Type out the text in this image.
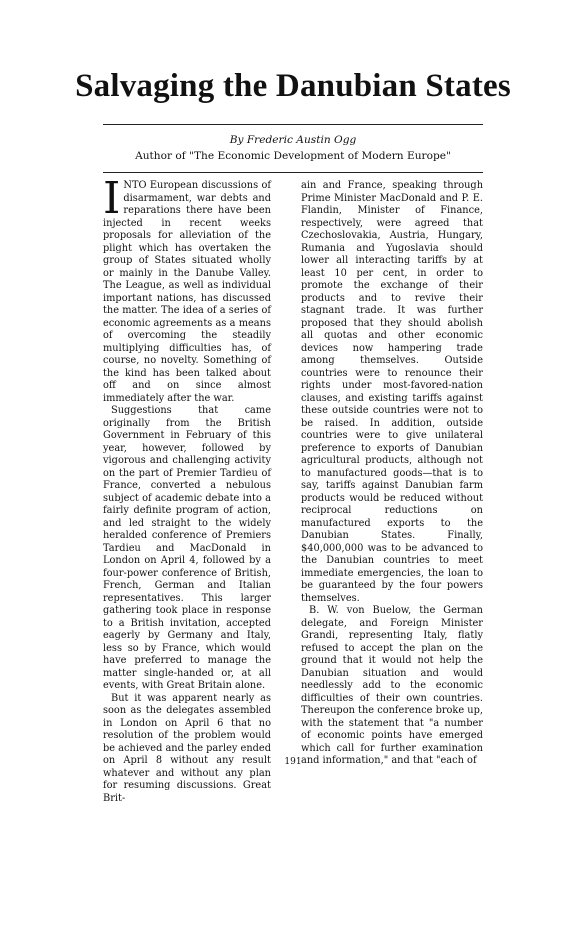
Salvaging the Danubian States
By Frederic Austin Ogg
Author of "The Economic Development of Modern Europe"

INTO European discussions of disarmament, war debts and reparations there have been injected in recent weeks proposals for alleviation of the plight which has overtaken the group of States situated wholly or mainly in the Danube Valley. The League, as well as individual important nations, has discussed the matter. The idea of a series of economic agreements as a means of overcoming the steadily multiplying difficulties has, of course, no novelty. Something of the kind has been talked about off and on since almost immediately after the war.

Suggestions that came originally from the British Government in February of this year, however, followed by vigorous and challenging activity on the part of Premier Tardieu of France, converted a nebulous subject of academic debate into a fairly definite program of action, and led straight to the widely heralded conference of Premiers Tardieu and MacDonald in London on April 4, followed by a four-power conference of British, French, German and Italian representatives. This larger gathering took place in response to a British invitation, accepted eagerly by Germany and Italy, less so by France, which would have preferred to manage the matter single-handed or, at all events, with Great Britain alone.

But it was apparent nearly as soon as the delegates assembled in London on April 6 that no resolution of the problem would be achieved and the parley ended on April 8 without any result whatever and without any plan for resuming discussions. Great Brit-

ain and France, speaking through Prime Minister MacDonald and P. E. Flandin, Minister of Finance, respectively, were agreed that Czechoslovakia, Austria, Hungary, Rumania and Yugoslavia should lower all interacting tariffs by at least 10 per cent, in order to promote the exchange of their products and to revive their stagnant trade. It was further proposed that they should abolish all quotas and other economic devices now hampering trade among themselves. Outside countries were to renounce their rights under most-favored-nation clauses, and existing tariffs against these outside countries were not to be raised. In addition, outside countries were to give unilateral preference to exports of Danubian agricultural products, although not to manufactured goods—that is to say, tariffs against Danubian farm products would be reduced without reciprocal reductions on manufactured exports to the Danubian States. Finally, $40,000,000 was to be advanced to the Danubian countries to meet immediate emergencies, the loan to be guaranteed by the four powers themselves.

B. W. von Buelow, the German delegate, and Foreign Minister Grandi, representing Italy, flatly refused to accept the plan on the ground that it would not help the Danubian situation and would needlessly add to the economic difficulties of their own countries. Thereupon the conference broke up, with the statement that "a number of economic points have emerged which call for further examination and information," and that "each of

191
